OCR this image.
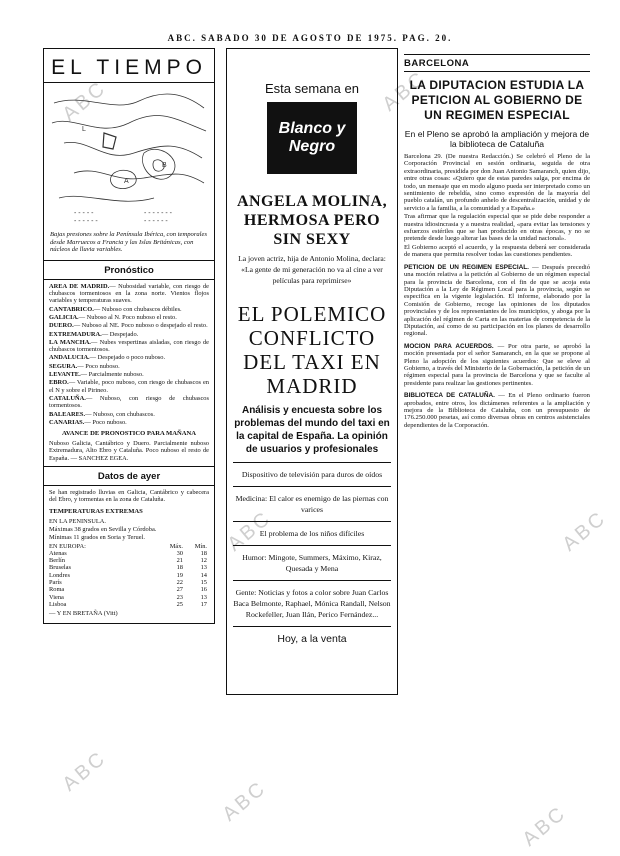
ABC. SABADO 30 DE AGOSTO DE 1975. PAG. 20.
ABC	ABC
ABC	ABC
ABC
ABC
ABC
EL TIEMPO
L
B
A
- - - - -	- - - - - - -
- - - - - -	- - - - - -
Bajas presiones sobre la Península Ibérica, con temporales desde Marruecos a Francia y las Islas Británicas, con núcleos de lluvia variables.
Pronóstico
AREA DE MADRID.— Nubosidad variable, con riesgo de chubascos tormentosos en la zona norte. Vientos flojos variables y temperaturas suaves.
CANTABRICO.— Nuboso con chubascos débiles.
GALICIA.— Nuboso al N. Poco nuboso el resto.
DUERO.— Nuboso al NE. Poco nuboso o despejado el resto.
EXTREMADURA.— Despejado.
LA MANCHA.— Nubes vespertinas aisladas, con riesgo de chubascos tormentosos.
ANDALUCIA.— Despejado o poco nuboso.
SEGURA.— Poco nuboso.
LEVANTE.— Parcialmente nuboso.
EBRO.— Variable, poco nuboso, con riesgo de chubascos en el N y sobre el Pirineo.
CATALUÑA.— Nuboso, con riesgo de chubascos tormentosos.
BALEARES.— Nuboso, con chubascos.
CANARIAS.— Poco nuboso.
AVANCE DE PRONOSTICO PARA MAÑANA
Nuboso Galicia, Cantábrico y Duero. Parcialmente nuboso Extremadura, Alto Ebro y Cataluña. Poco nuboso el resto de España. — SANCHEZ EGEA.
Datos de ayer
Se han registrado lluvias en Galicia, Cantábrico y cabecera del Ebro, y tormentas en la zona de Cataluña.
TEMPERATURAS EXTREMAS
EN LA PENINSULA.
Máximas 38 grados en Sevilla y Córdoba.
Mínimas 11 grados en Soria y Teruel.
EN EUROPA:	Máx.	Mín.
Atenas	30	18
Berlín	21	12
Bruselas	18	13
Londres	19	14
París	22	15
Roma	27	16
Viena	23	13
Lisboa	25	17
— Y EN BRETAÑA (Vitt)
Esta semana en
Blanco y Negro
ANGELA MOLINA, HERMOSA PERO SIN SEXY
La joven actriz, hija de Antonio Molina, declara: «La gente de mi generación no va al cine a ver películas para reprimirse»
EL POLEMICO CONFLICTO DEL TAXI EN MADRID
Análisis y encuesta sobre los problemas del mundo del taxi en la capital de España. La opinión de usuarios y profesionales
Dispositivo de televisión para duros de oídos
Medicina: El calor es enemigo de las piernas con varices
El problema de los niños difíciles
Humor: Mingote, Summers, Máximo, Kiraz, Quesada y Mena
Gente: Noticias y fotos a color sobre Juan Carlos Baca Belmonte, Raphael, Mónica Randall, Nelson Rockefeller, Juan Ilán, Perico Fernández...
Hoy, a la venta
BARCELONA
LA DIPUTACION ESTUDIA LA PETICION AL GOBIERNO DE UN REGIMEN ESPECIAL
En el Pleno se aprobó la ampliación y mejora de la biblioteca de Cataluña
Barcelona 29. (De nuestra Redacción.) Se celebró el Pleno de la Corporación Provincial en sesión ordinaria, seguida de otra extraordinaria, presidida por don Juan Antonio Samaranch, quien dijo, entre otras cosas: «Quiero que de estas paredes salga, por encima de todo, un mensaje que en modo alguno pueda ser interpretado como un sentimiento de rebeldía, sino como expresión de la mayoría del pueblo catalán, un profundo anhelo de descentralización, unidad y de servicio a la familia, a la comunidad y a España.»
Tras afirmar que la regulación especial que se pide debe responder a nuestra idiosincrasia y a nuestra realidad, «para evitar las tensiones y esfuerzos estériles que se han producido en otras épocas, y no se pretende desde luego alterar las bases de la unidad nacional».
El Gobierno aceptó el acuerdo, y la respuesta deberá ser considerada de manera que permita resolver todas las cuestiones pendientes.
PETICION DE UN REGIMEN ESPECIAL. — Después precedió una moción relativa a la petición al Gobierno de un régimen especial para la provincia de Barcelona, con el fin de que se acoja esta Diputación a la Ley de Régimen Local para la provincia, según se especifica en la vigente legislación. El informe, elaborado por la Comisión de Gobierno, recoge las opiniones de los diputados provinciales y de los representantes de los municipios, y aboga por la aplicación del régimen de Carta en las materias de competencia de la Diputación, así como de su participación en los planes de desarrollo regional.
MOCION PARA ACUERDOS. — Por otra parte, se aprobó la moción presentada por el señor Samaranch, en la que se propone al Pleno la adopción de los siguientes acuerdos: Que se eleve al Gobierno, a través del Ministerio de la Gobernación, la petición de un régimen especial para la provincia de Barcelona y que se faculte al presidente para realizar las gestiones pertinentes.
BIBLIOTECA DE CATALUÑA. — En el Pleno ordinario fueron aprobados, entre otros, los dictámenes referentes a la ampliación y mejora de la Biblioteca de Cataluña, con un presupuesto de 176.250.000 pesetas, así como diversas obras en centros asistenciales dependientes de la Corporación.
